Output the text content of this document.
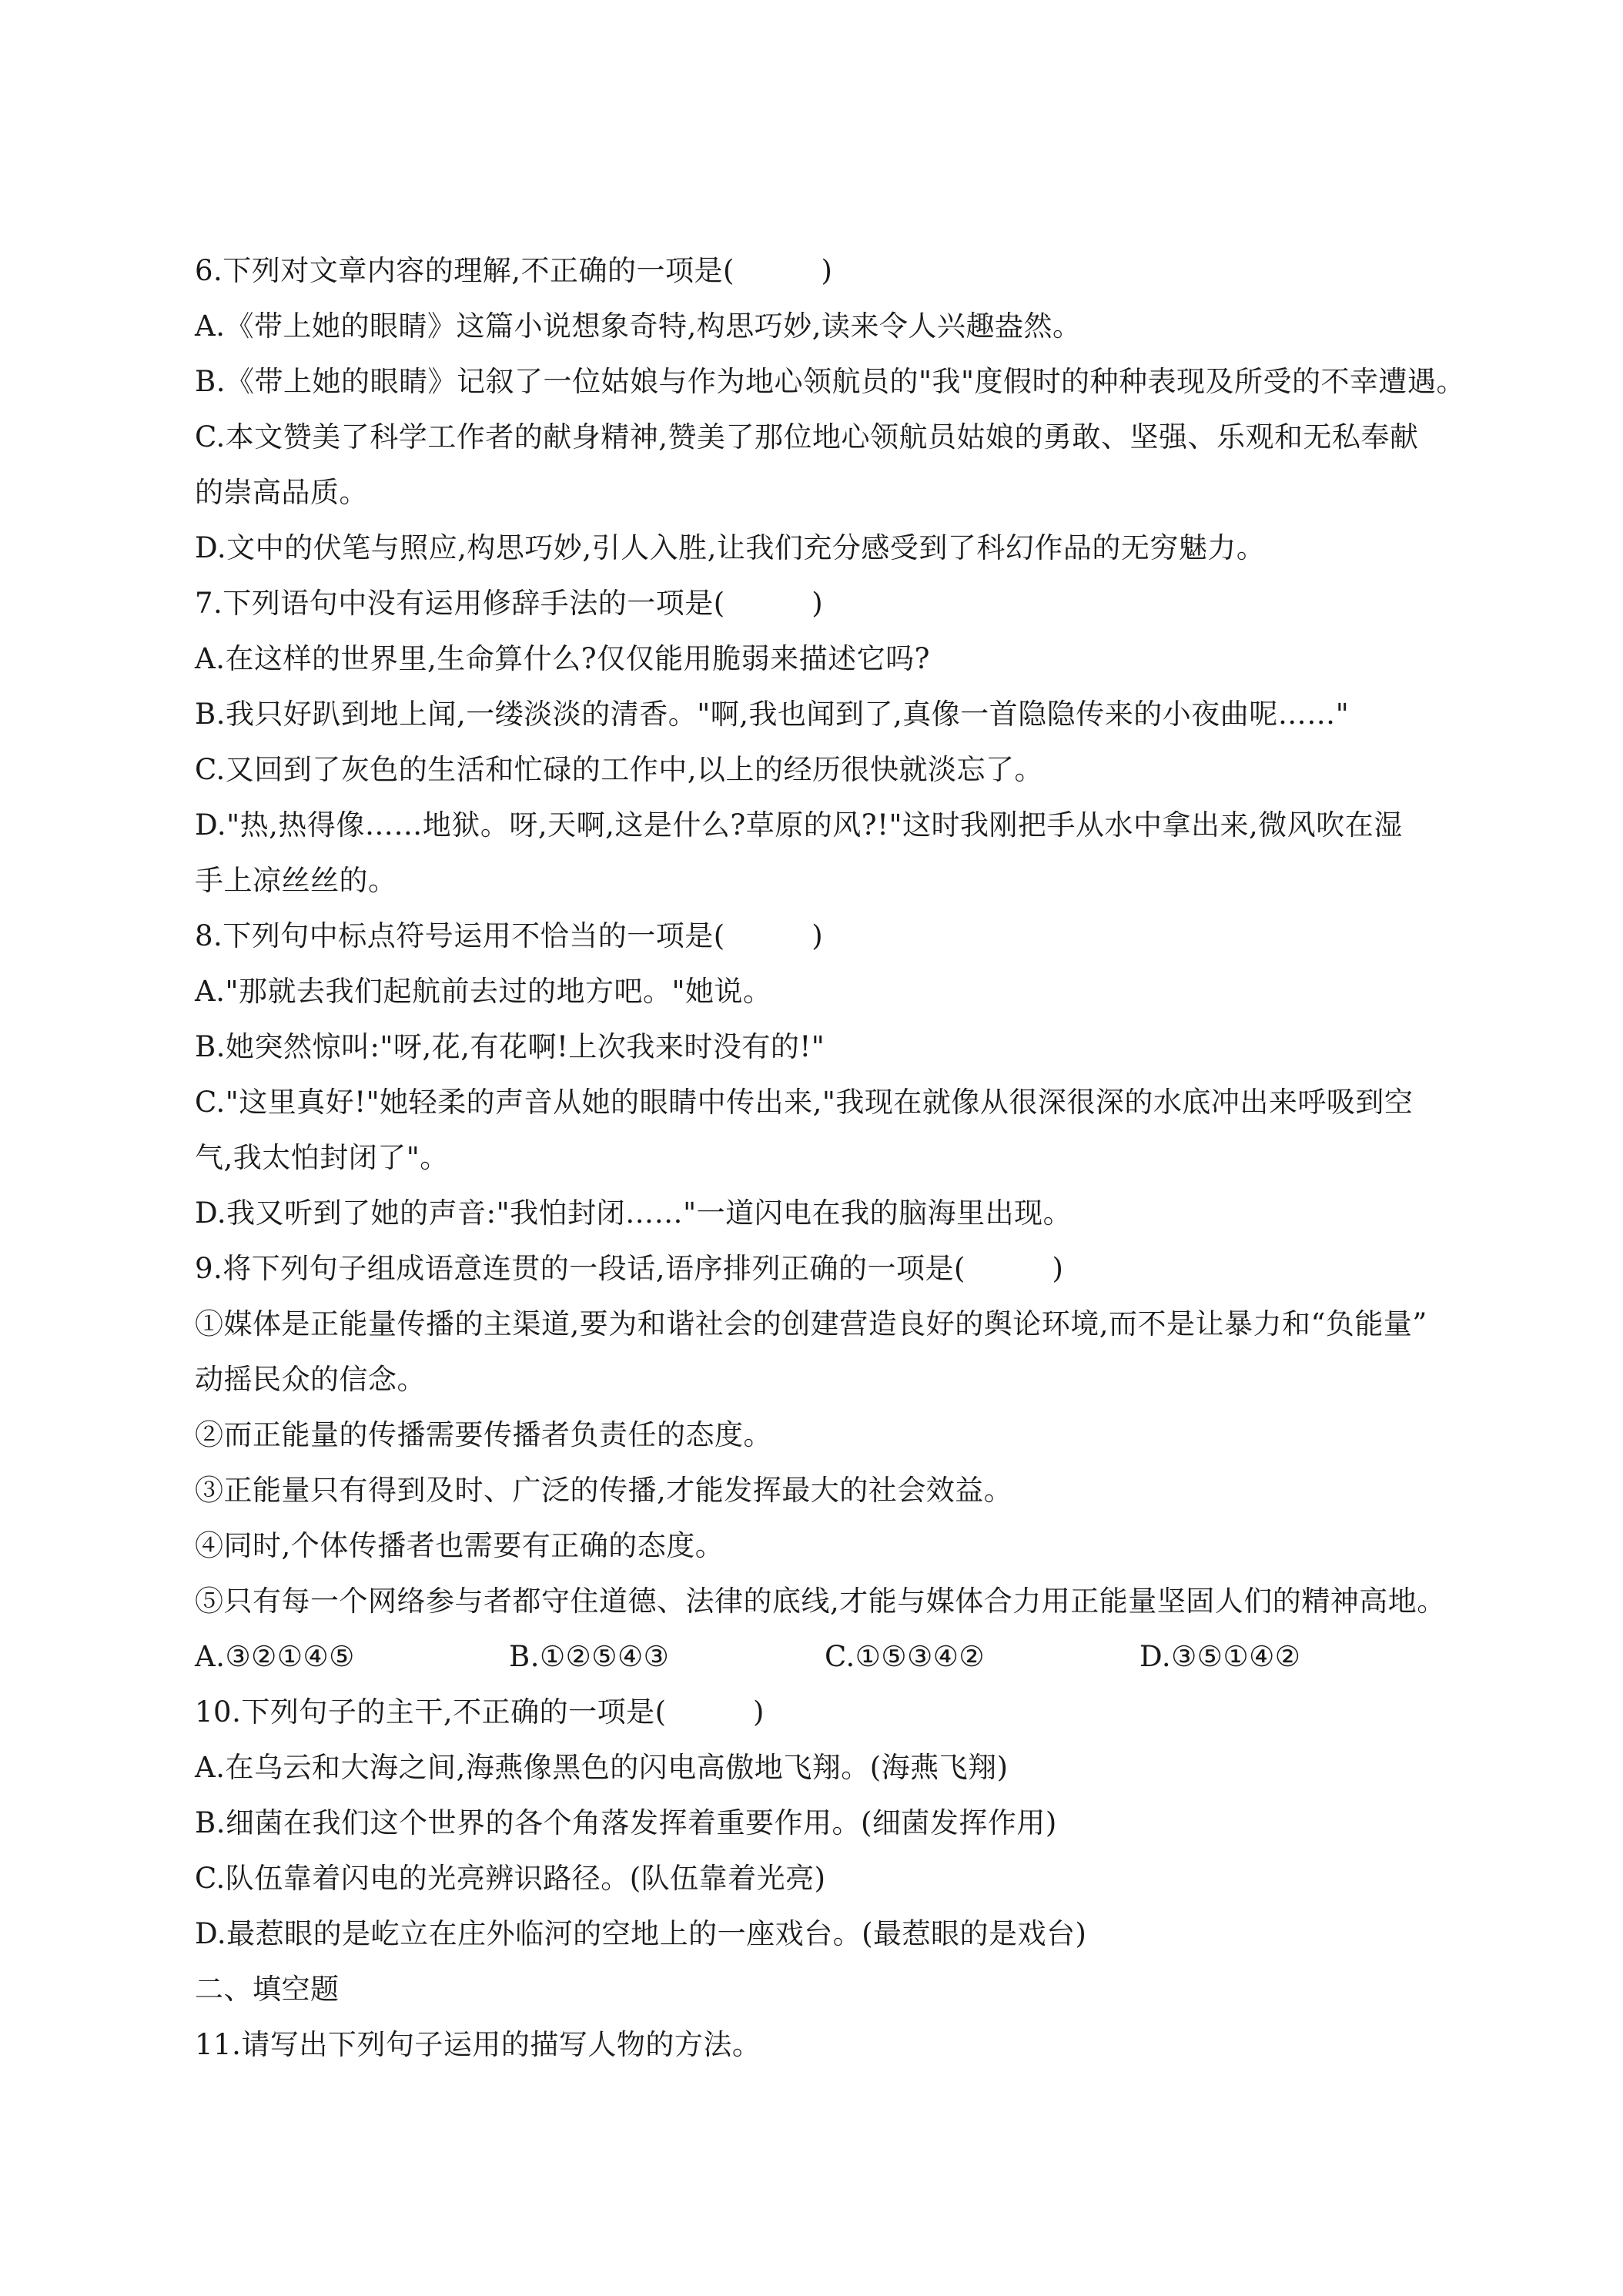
6.下列对文章内容的理解,不正确的一项是(　　　)
A.《带上她的眼睛》这篇小说想象奇特,构思巧妙,读来令人兴趣盎然。
B.《带上她的眼睛》记叙了一位姑娘与作为地心领航员的"我"度假时的种种表现及所受的不幸遭遇。
C.本文赞美了科学工作者的献身精神,赞美了那位地心领航员姑娘的勇敢、坚强、乐观和无私奉献
的崇高品质。
D.文中的伏笔与照应,构思巧妙,引人入胜,让我们充分感受到了科幻作品的无穷魅力。
7.下列语句中没有运用修辞手法的一项是(　　　)
A.在这样的世界里,生命算什么?仅仅能用脆弱来描述它吗?
B.我只好趴到地上闻,一缕淡淡的清香。"啊,我也闻到了,真像一首隐隐传来的小夜曲呢……"
C.又回到了灰色的生活和忙碌的工作中,以上的经历很快就淡忘了。
D."热,热得像……地狱。呀,天啊,这是什么?草原的风?!"这时我刚把手从水中拿出来,微风吹在湿
手上凉丝丝的。
8.下列句中标点符号运用不恰当的一项是(　　　)
A."那就去我们起航前去过的地方吧。"她说。
B.她突然惊叫:"呀,花,有花啊!上次我来时没有的!"
C."这里真好!"她轻柔的声音从她的眼睛中传出来,"我现在就像从很深很深的水底冲出来呼吸到空
气,我太怕封闭了"。
D.我又听到了她的声音:"我怕封闭……"一道闪电在我的脑海里出现。
9.将下列句子组成语意连贯的一段话,语序排列正确的一项是(　　　)
①媒体是正能量传播的主渠道,要为和谐社会的创建营造良好的舆论环境,而不是让暴力和“负能量”
动摇民众的信念。
②而正能量的传播需要传播者负责任的态度。
③正能量只有得到及时、广泛的传播,才能发挥最大的社会效益。
④同时,个体传播者也需要有正确的态度。
⑤只有每一个网络参与者都守住道德、法律的底线,才能与媒体合力用正能量坚固人们的精神高地。
A.③②①④⑤	B.①②⑤④③	C.①⑤③④②	D.③⑤①④②
10.下列句子的主干,不正确的一项是(　　　)
A.在乌云和大海之间,海燕像黑色的闪电高傲地飞翔。(海燕飞翔)
B.细菌在我们这个世界的各个角落发挥着重要作用。(细菌发挥作用)
C.队伍靠着闪电的光亮辨识路径。(队伍靠着光亮)
D.最惹眼的是屹立在庄外临河的空地上的一座戏台。(最惹眼的是戏台)
二、填空题
11.请写出下列句子运用的描写人物的方法。
